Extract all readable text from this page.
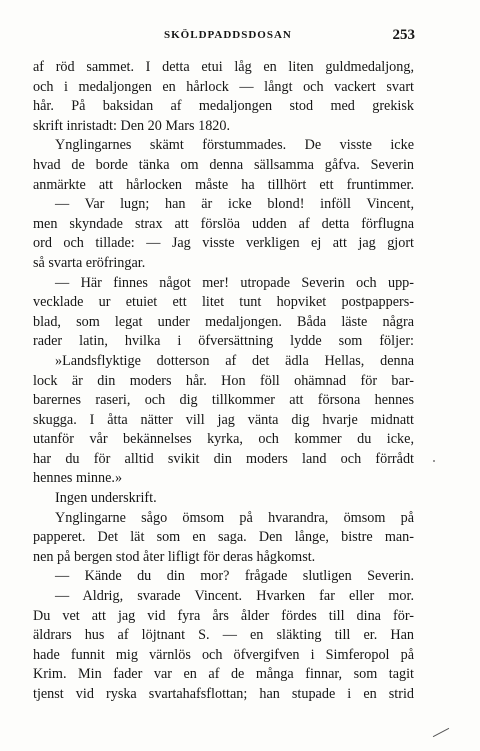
SKÖLDPADDSDOSAN	253
af röd sammet. I detta etui låg en liten guldmedaljong,
och i medaljongen en hårlock — långt och vackert svart
hår. På baksidan af medaljongen stod med grekisk
skrift inristadt: Den 20 Mars 1820.
Ynglingarnes skämt förstummades. De visste icke
hvad de borde tänka om denna sällsamma gåfva. Severin
anmärkte att hårlocken måste ha tillhört ett fruntimmer.
— Var lugn; han är icke blond! inföll Vincent,
men skyndade strax att förslöa udden af detta förflugna
ord och tillade: — Jag visste verkligen ej att jag gjort
så svarta eröfringar.
— Här finnes något mer! utropade Severin och upp-
vecklade ur etuiet ett litet tunt hopviket postpappers-
blad, som legat under medaljongen. Båda läste några
rader latin, hvilka i öfversättning lydde som följer:
»Landsflyktige dotterson af det ädla Hellas, denna
lock är din moders hår. Hon föll ohämnad för bar-
barernes raseri, och dig tillkommer att försona hennes
skugga. I åtta nätter vill jag vänta dig hvarje midnatt
utanför vår bekännelses kyrka, och kommer du icke,
har du för alltid svikit din moders land och förrådt
hennes minne.»
Ingen underskrift.
Ynglingarne sågo ömsom på hvarandra, ömsom på
papperet. Det lät som en saga. Den långe, bistre man-
nen på bergen stod åter lifligt för deras hågkomst.
— Kände du din mor? frågade slutligen Severin.
— Aldrig, svarade Vincent. Hvarken far eller mor.
Du vet att jag vid fyra års ålder fördes till dina för-
äldrars hus af löjtnant S. — en släkting till er. Han
hade funnit mig värnlös och öfvergifven i Simferopol på
Krim. Min fader var en af de många finnar, som tagit
tjenst vid ryska svartahafsflottan; han stupade i en strid
